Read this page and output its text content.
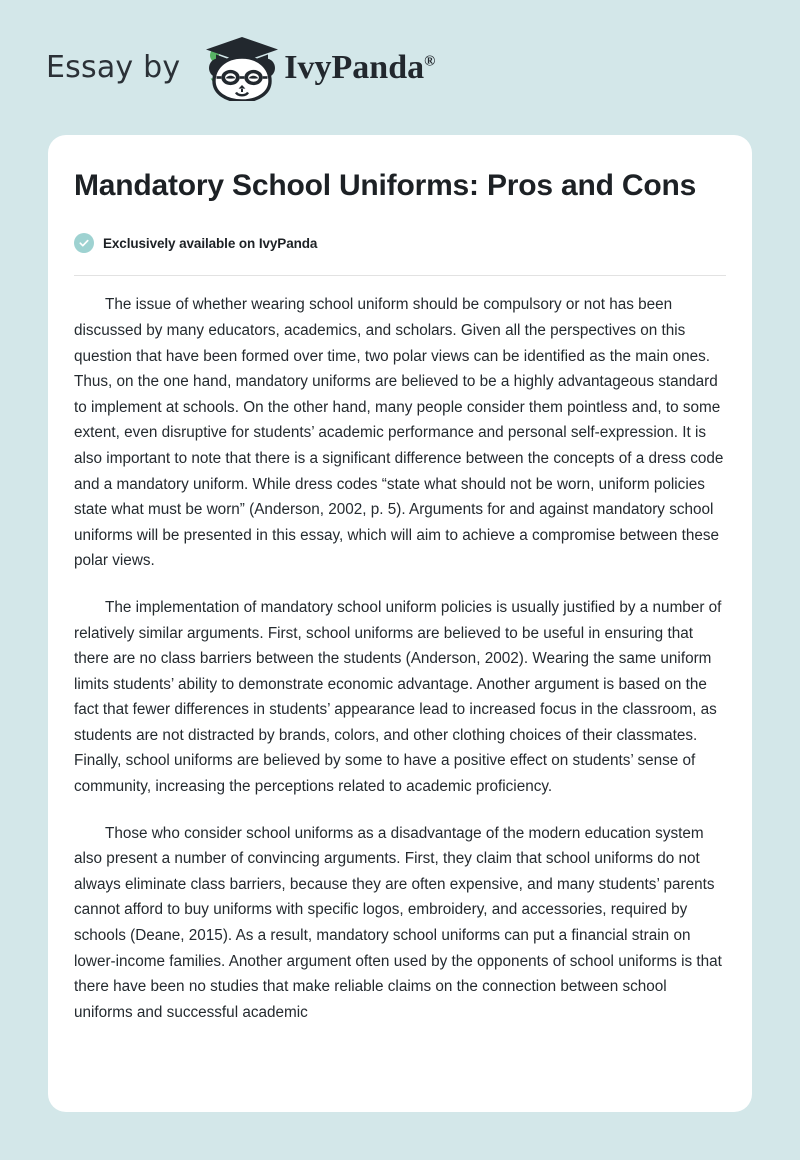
Essay by	IvyPanda®
Mandatory School Uniforms: Pros and Cons
Exclusively available on IvyPanda

The issue of whether wearing school uniform should be compulsory or not has been discussed by many educators, academics, and scholars. Given all the perspectives on this question that have been formed over time, two polar views can be identified as the main ones. Thus, on the one hand, mandatory uniforms are believed to be a highly advantageous standard to implement at schools. On the other hand, many people consider them pointless and, to some extent, even disruptive for students’ academic performance and personal self-expression. It is also important to note that there is a significant difference between the concepts of a dress code and a mandatory uniform. While dress codes “state what should not be worn, uniform policies state what must be worn” (Anderson, 2002, p. 5). Arguments for and against mandatory school uniforms will be presented in this essay, which will aim to achieve a compromise between these polar views.

The implementation of mandatory school uniform policies is usually justified by a number of relatively similar arguments. First, school uniforms are believed to be useful in ensuring that there are no class barriers between the students (Anderson, 2002). Wearing the same uniform limits students’ ability to demonstrate economic advantage. Another argument is based on the fact that fewer differences in students’ appearance lead to increased focus in the classroom, as students are not distracted by brands, colors, and other clothing choices of their classmates. Finally, school uniforms are believed by some to have a positive effect on students’ sense of community, increasing the perceptions related to academic proficiency.

Those who consider school uniforms as a disadvantage of the modern education system also present a number of convincing arguments. First, they claim that school uniforms do not always eliminate class barriers, because they are often expensive, and many students’ parents cannot afford to buy uniforms with specific logos, embroidery, and accessories, required by schools (Deane, 2015). As a result, mandatory school uniforms can put a financial strain on lower-income families. Another argument often used by the opponents of school uniforms is that there have been no studies that make reliable claims on the connection between school uniforms and successful academic
